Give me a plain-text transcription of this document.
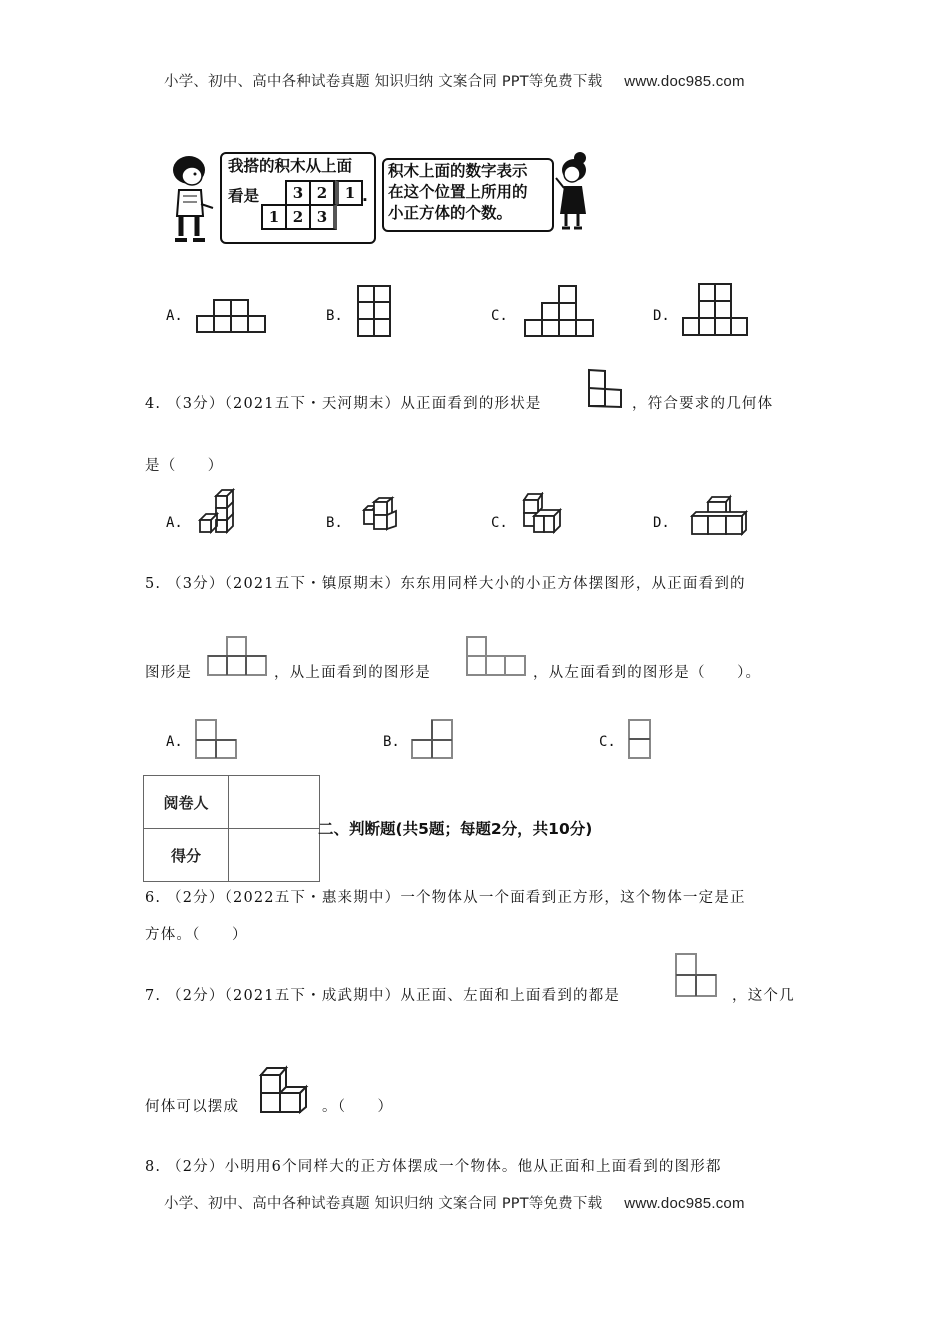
小学、初中、高中各种试卷真题 知识归纳 文案合同 PPT等免费下载 www.doc985.com
我搭的积木从上面
看是	3 2	1 .
1 2 3
积木上面的数字表示
在这个位置上所用的
小正方体的个数。
A.	B.	C.	D.
4. （3分）（2021五下・天河期末）从正面看到的形状是	，符合要求的几何体
是（　　）
A.	B.	C.	D.
5. （3分）（2021五下・镇原期末）东东用同样大小的小正方体摆图形，从正面看到的
图形是	，从上面看到的图形是	，从左面看到的图形是（　　）。
A.	B.	C.
阅卷人	
得分	
二、判断题(共5题；每题2分，共10分)
6. （2分）（2022五下・惠来期中）一个物体从一个面看到正方形，这个物体一定是正
方体。（　　）
7. （2分）（2021五下・成武期中）从正面、左面和上面看到的都是	，这个几
何体可以摆成	。（　　）
8. （2分）小明用6个同样大的正方体摆成一个物体。他从正面和上面看到的图形都
小学、初中、高中各种试卷真题 知识归纳 文案合同 PPT等免费下载 www.doc985.com
